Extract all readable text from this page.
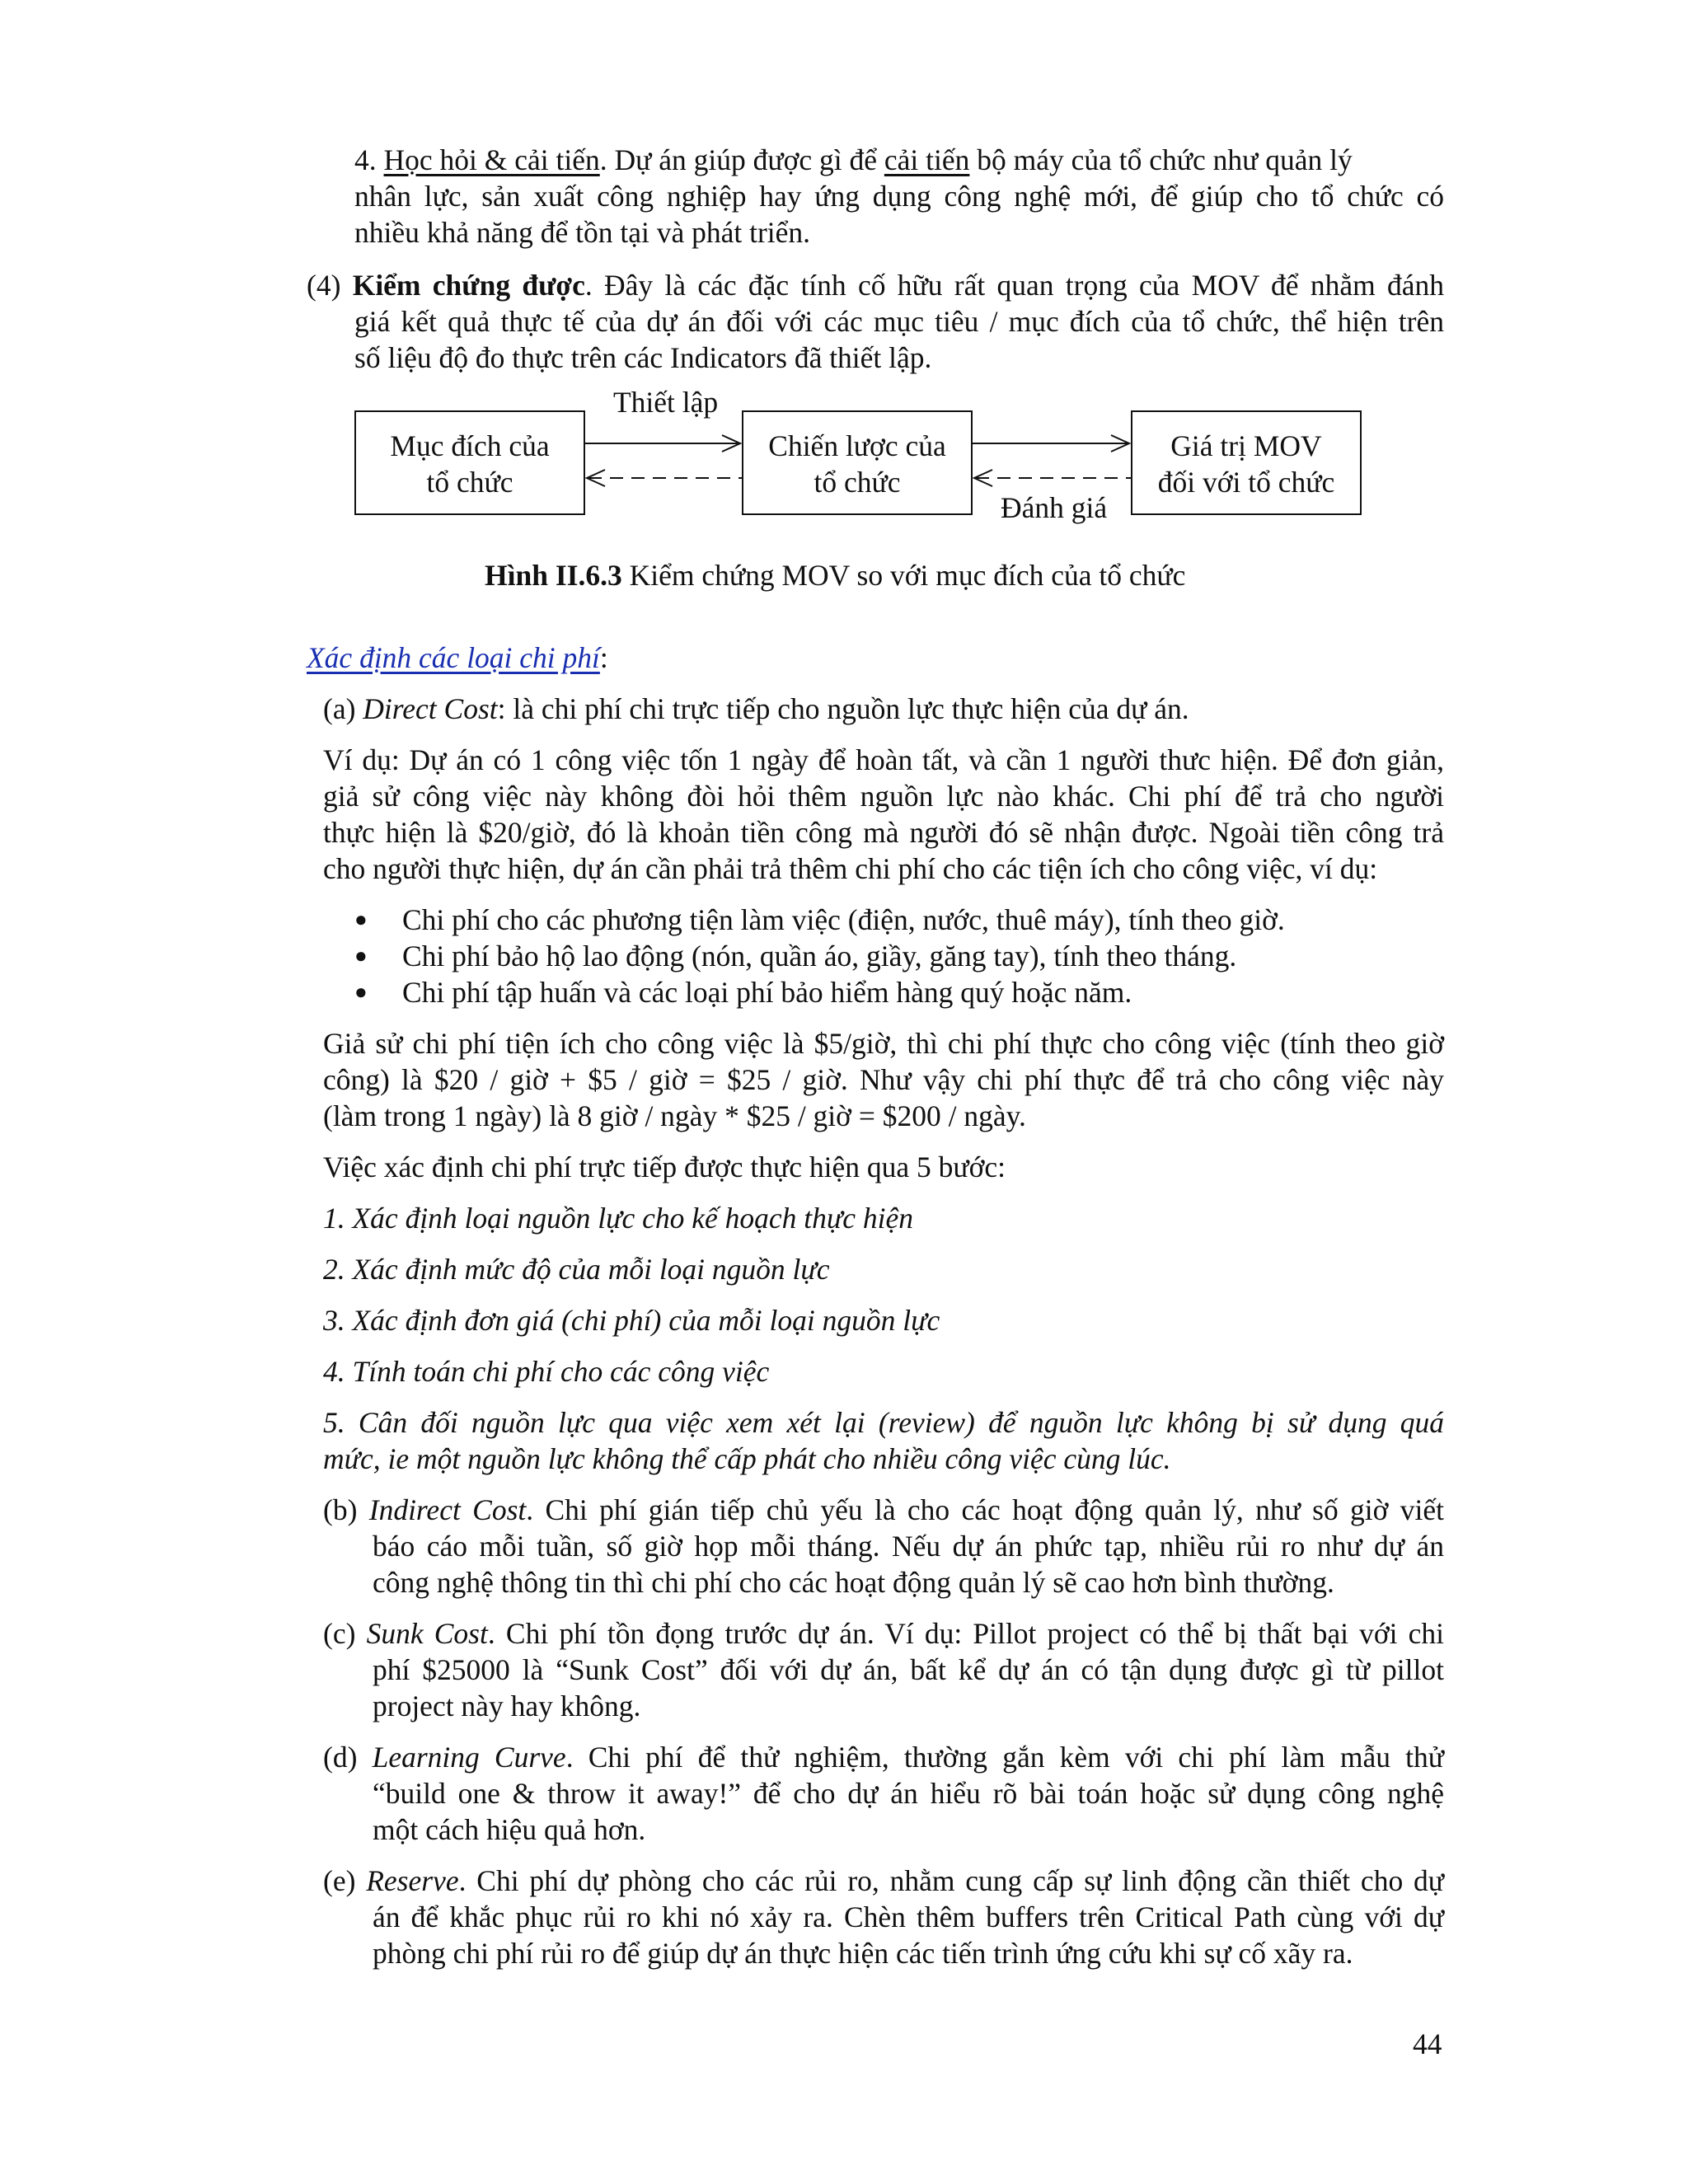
4. Học hỏi & cải tiến. Dự án giúp được gì để cải tiến bộ máy của tổ chức như quản lý

nhân lực, sản xuất công nghiệp hay ứng dụng công nghệ mới, để giúp cho tổ chức có

nhiều khả năng để tồn tại và phát triển.

(4) Kiểm chứng được. Đây là các đặc tính cố hữu rất quan trọng của MOV để nhằm đánh

giá kết quả thực tế của dự án đối với các mục tiêu / mục đích của tổ chức, thể hiện trên

số liệu độ đo thực trên các Indicators đã thiết lập.

Mục đích của
tổ chức
Chiến lược của
tổ chức
Giá trị MOV
đối với tổ chức
Thiết lập
Đánh giá

Hình II.6.3 Kiểm chứng MOV so với mục đích của tổ chức

Xác định các loại chi phí:

(a) Direct Cost: là chi phí chi trực tiếp cho nguồn lực thực hiện của dự án.

Ví dụ: Dự án có 1 công việc tốn 1 ngày để hoàn tất, và cần 1 người thưc hiện. Để đơn giản,

giả sử công việc này không đòi hỏi thêm nguồn lực nào khác. Chi phí để trả cho người

thực hiện là $20/giờ, đó là khoản tiền công mà người đó sẽ nhận được. Ngoài tiền công trả

cho người thực hiện, dự án cần phải trả thêm chi phí cho các tiện ích cho công việc, ví dụ:

● Chi phí cho các phương tiện làm việc (điện, nước, thuê máy), tính theo giờ.

● Chi phí bảo hộ lao động (nón, quần áo, giầy, găng tay), tính theo tháng.

● Chi phí tập huấn và các loại phí bảo hiểm hàng quý hoặc năm.

Giả sử chi phí tiện ích cho công việc là $5/giờ, thì chi phí thực cho công việc (tính theo giờ

công) là $20 / giờ + $5 / giờ = $25 / giờ. Như vậy chi phí thực để trả cho công việc này

(làm trong 1 ngày) là 8 giờ / ngày * $25 / giờ = $200 / ngày.

Việc xác định chi phí trực tiếp được thực hiện qua 5 bước:

1. Xác định loại nguồn lực cho kế hoạch thực hiện

2. Xác định mức độ của mỗi loại nguồn lực

3. Xác định đơn giá (chi phí) của mỗi loại nguồn lực

4. Tính toán chi phí cho các công việc

5. Cân đối nguồn lực qua việc xem xét lại (review) để nguồn lực không bị sử dụng quá

mức, ie một nguồn lực không thể cấp phát cho nhiều công việc cùng lúc.

(b) Indirect Cost. Chi phí gián tiếp chủ yếu là cho các hoạt động quản lý, như số giờ viết

báo cáo mỗi tuần, số giờ họp mỗi tháng. Nếu dự án phức tạp, nhiều rủi ro như dự án

công nghệ thông tin thì chi phí cho các hoạt động quản lý sẽ cao hơn bình thường.

(c) Sunk Cost. Chi phí tồn đọng trước dự án. Ví dụ: Pillot project có thể bị thất bại với chi

phí $25000 là “Sunk Cost” đối với dự án, bất kể dự án có tận dụng được gì từ pillot

project này hay không.

(d) Learning Curve. Chi phí để thử nghiệm, thường gắn kèm với chi phí làm mẫu thử

“build one & throw it away!” để cho dự án hiểu rõ bài toán hoặc sử dụng công nghệ

một cách hiệu quả hơn.

(e) Reserve. Chi phí dự phòng cho các rủi ro, nhằm cung cấp sự linh động cần thiết cho dự

án để khắc phục rủi ro khi nó xảy ra. Chèn thêm buffers trên Critical Path cùng với dự

phòng chi phí rủi ro để giúp dự án thực hiện các tiến trình ứng cứu khi sự cố xãy ra.

44
